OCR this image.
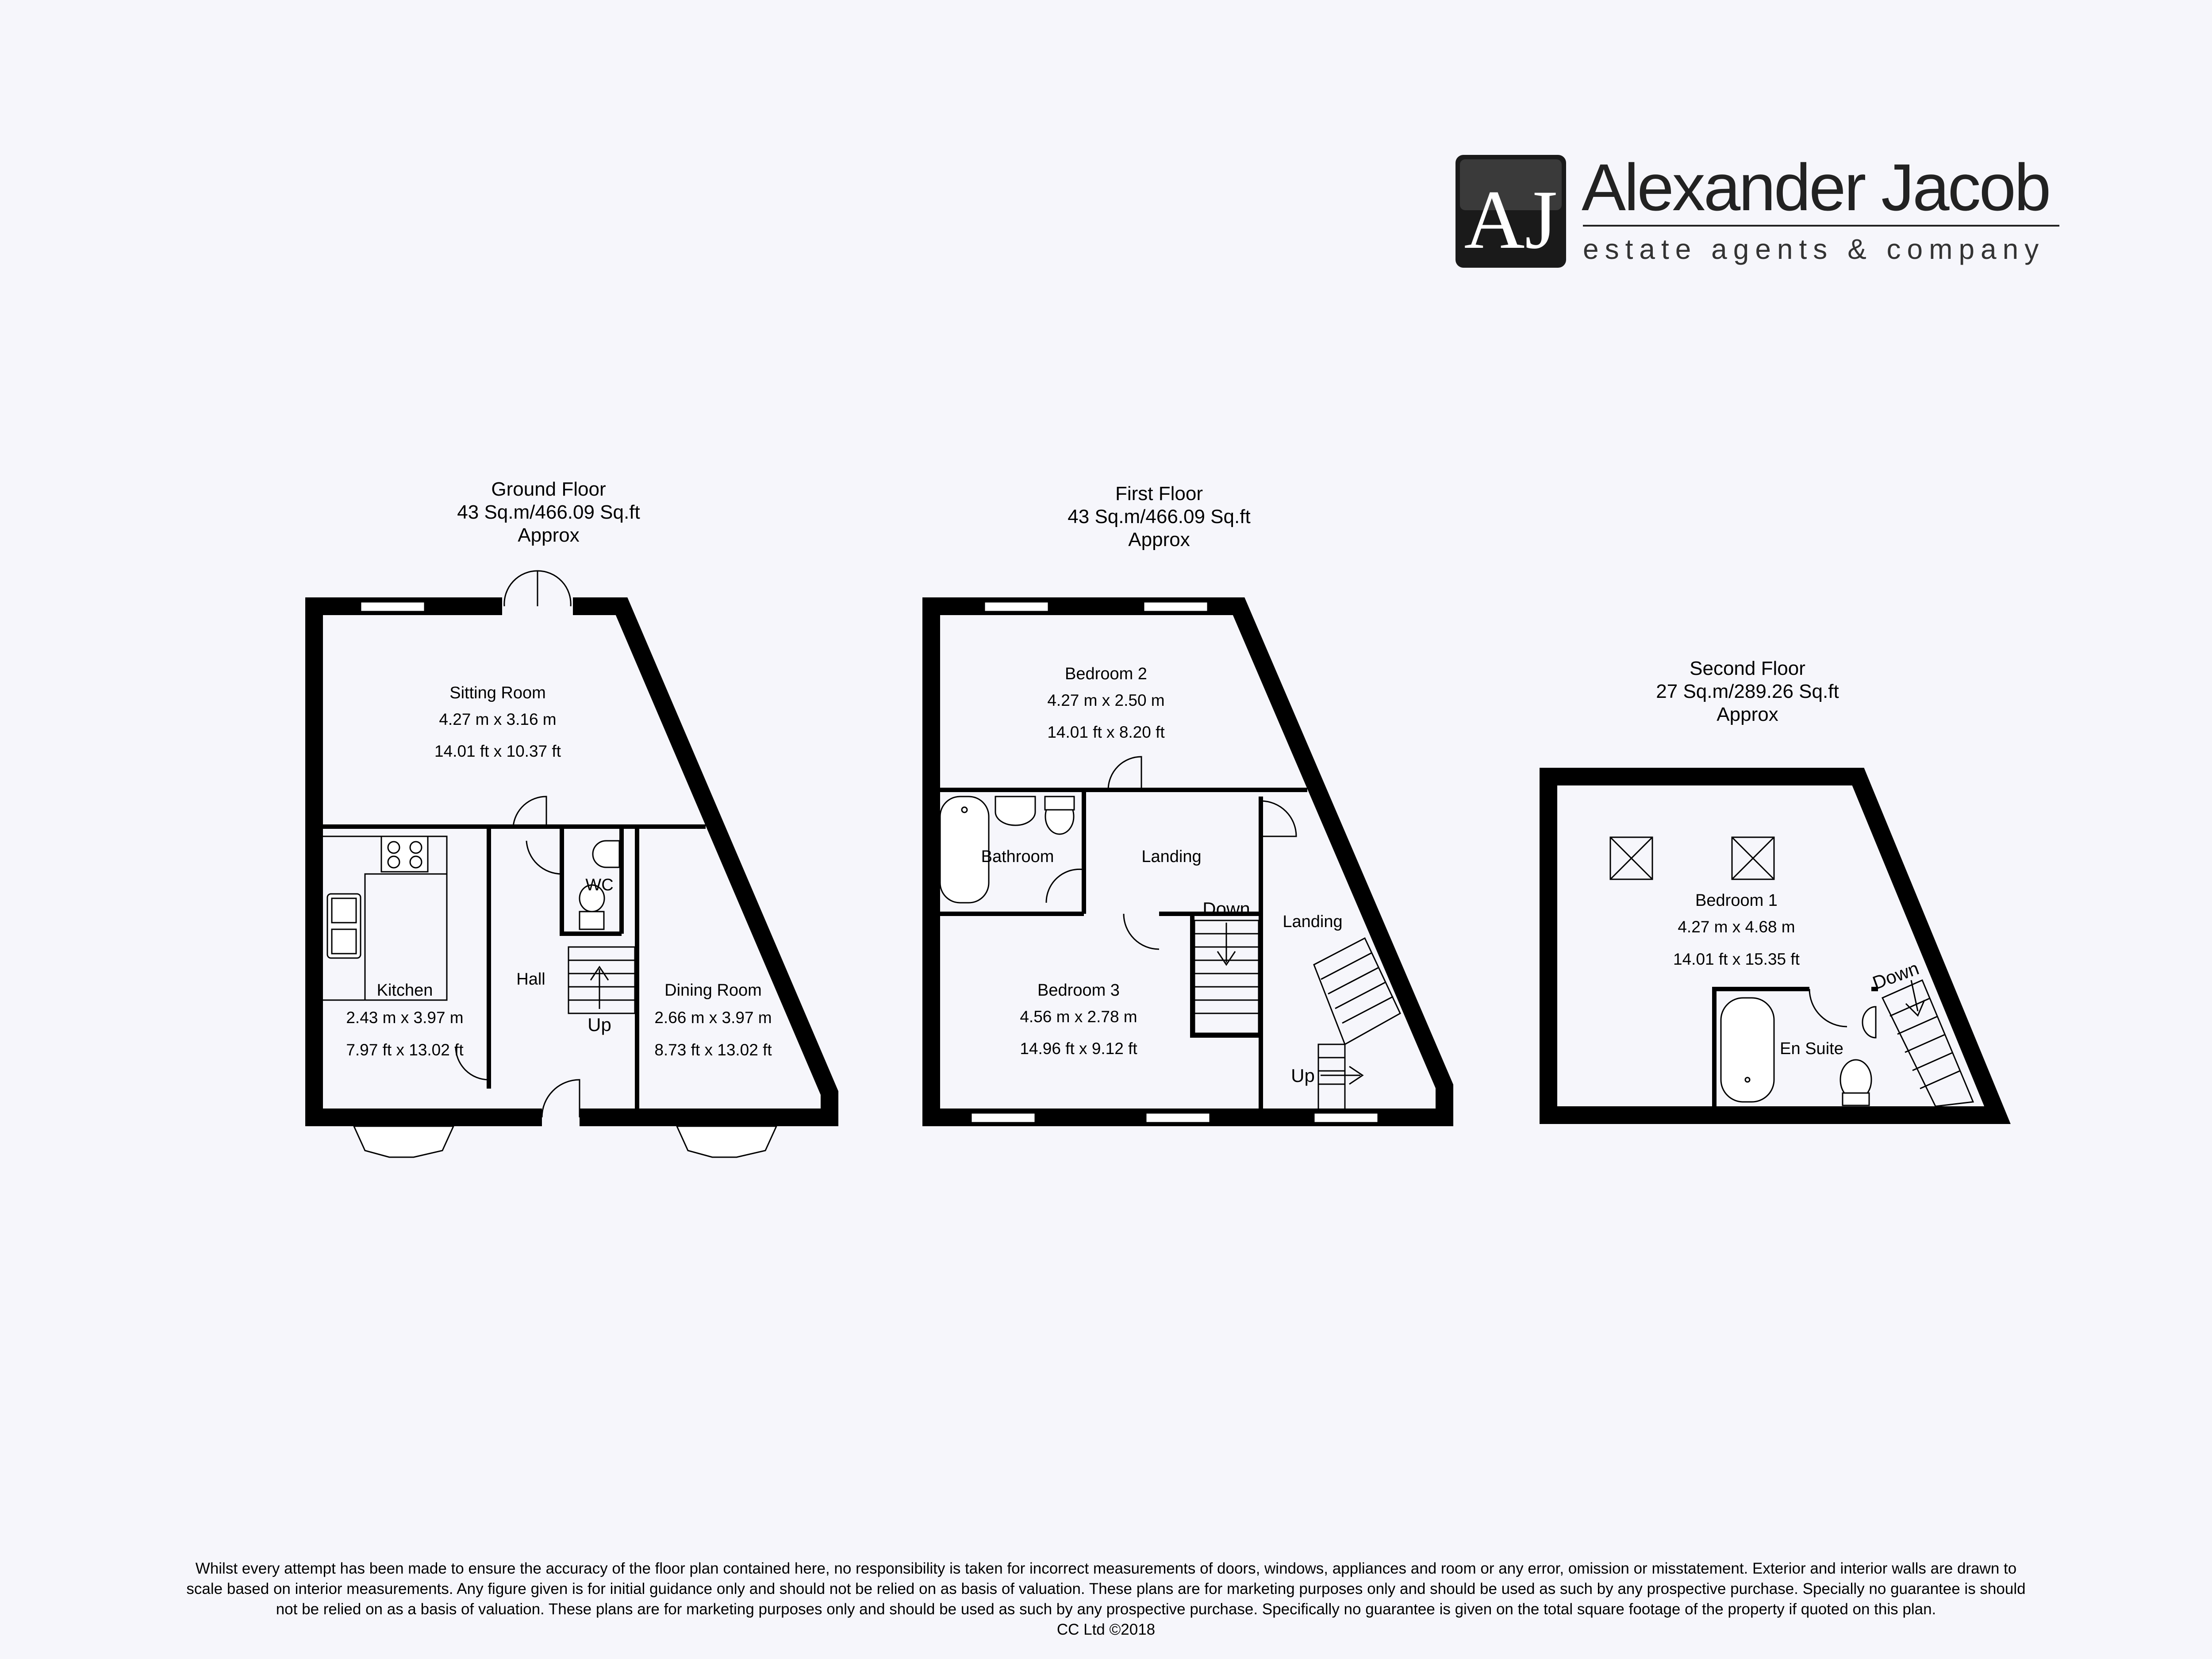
AJ Alexander Jacob
estate agents & company
Ground Floor
43 Sq.m/466.09 Sq.ft
Approx
Up
Sitting Room
4.27 m x 3.16 m
14.01 ft x 10.37 ft
Kitchen
2.43 m x 3.97 m
7.97 ft x 13.02 ft
Hall
WC
Dining Room
2.66 m x 3.97 m
8.73 ft x 13.02 ft
First Floor
43 Sq.m/466.09 Sq.ft
Approx
Down
Up
Bedroom 2
4.27 m x 2.50 m
14.01 ft x 8.20 ft
Bathroom	Landing
Landing
Bedroom 3
4.56 m x 2.78 m
14.96 ft x 9.12 ft
Second Floor
27 Sq.m/289.26 Sq.ft
Approx
Down
Bedroom 1
4.27 m x 4.68 m
14.01 ft x 15.35 ft
En Suite
Whilst every attempt has been made to ensure the accuracy of the floor plan contained here, no responsibility is taken for incorrect measurements of doors, windows, appliances and room or any error, omission or misstatement. Exterior and interior walls are drawn to
scale based on interior measurements. Any figure given is for initial guidance only and should not be relied on as basis of valuation. These plans are for marketing purposes only and should be used as such by any prospective purchase. Specially no guarantee is should
not be relied on as a basis of valuation. These plans are for marketing purposes only and should be used as such by any prospective purchase. Specifically no guarantee is given on the total square footage of the property if quoted on this plan.
CC Ltd ©2018
